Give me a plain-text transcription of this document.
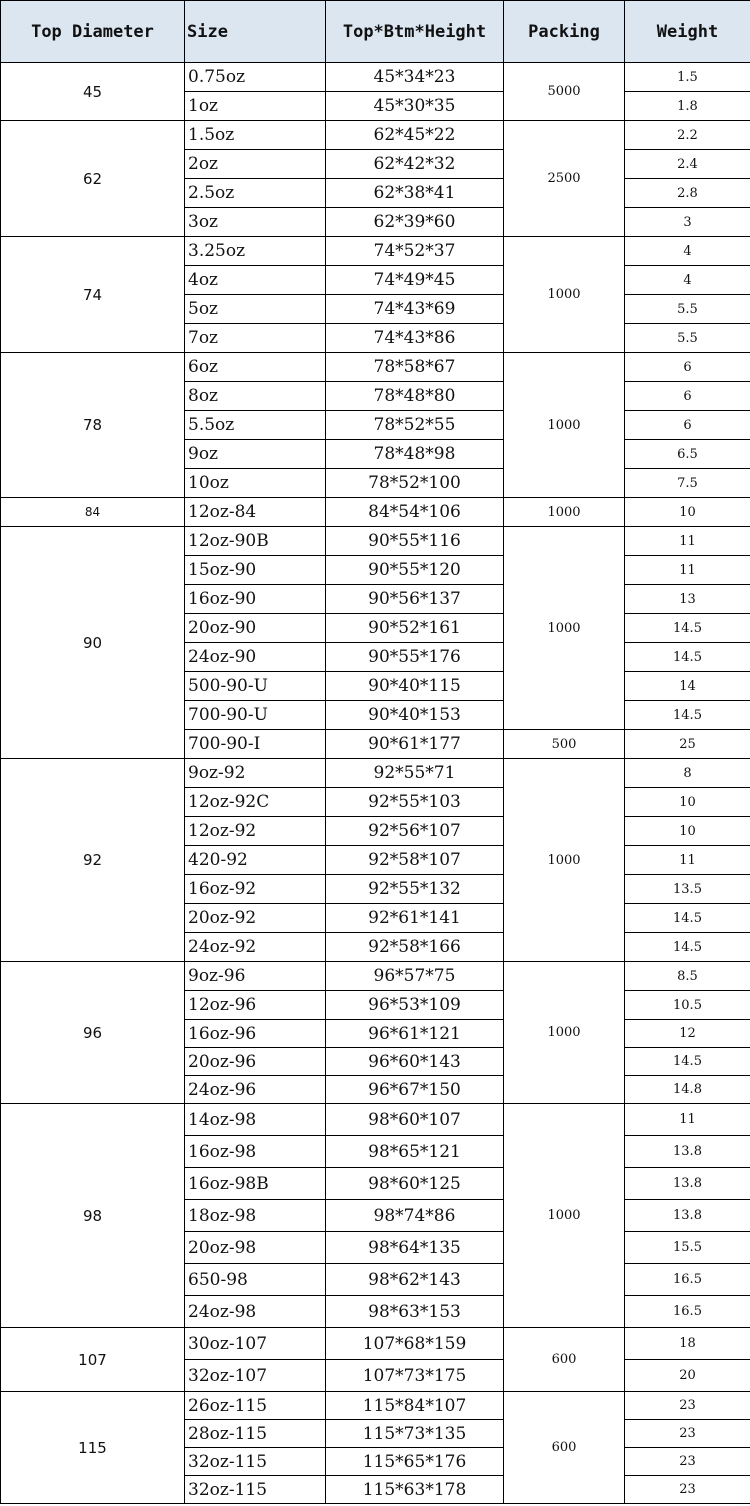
Top Diameter	Size	Top*Btm*Height	Packing	Weight
45	0.75oz	45*34*23	5000	1.5
	1oz	45*30*35		1.8
62	1.5oz	62*45*22	2500	2.2
	2oz	62*42*32		2.4
	2.5oz	62*38*41		2.8
	3oz	62*39*60		3
74	3.25oz	74*52*37	1000	4
	4oz	74*49*45		4
	5oz	74*43*69		5.5
	7oz	74*43*86		5.5
78	6oz	78*58*67	1000	6
	8oz	78*48*80		6
	5.5oz	78*52*55		6
	9oz	78*48*98		6.5
	10oz	78*52*100		7.5
84	12oz-84	84*54*106	1000	10
90	12oz-90B	90*55*116	1000	11
	15oz-90	90*55*120		11
	16oz-90	90*56*137		13
	20oz-90	90*52*161		14.5
	24oz-90	90*55*176		14.5
	500-90-U	90*40*115		14
	700-90-U	90*40*153		14.5
	700-90-I	90*61*177	500	25
92	9oz-92	92*55*71	1000	8
	12oz-92C	92*55*103		10
	12oz-92	92*56*107		10
	420-92	92*58*107		11
	16oz-92	92*55*132		13.5
	20oz-92	92*61*141		14.5
	24oz-92	92*58*166		14.5
96	9oz-96	96*57*75	1000	8.5
	12oz-96	96*53*109		10.5
	16oz-96	96*61*121		12
	20oz-96	96*60*143		14.5
	24oz-96	96*67*150		14.8
98	14oz-98	98*60*107	1000	11
	16oz-98	98*65*121		13.8
	16oz-98B	98*60*125		13.8
	18oz-98	98*74*86		13.8
	20oz-98	98*64*135		15.5
	650-98	98*62*143		16.5
	24oz-98	98*63*153		16.5
107	30oz-107	107*68*159	600	18
	32oz-107	107*73*175		20
115	26oz-115	115*84*107	600	23
	28oz-115	115*73*135		23
	32oz-115	115*65*176		23
	32oz-115	115*63*178		23
